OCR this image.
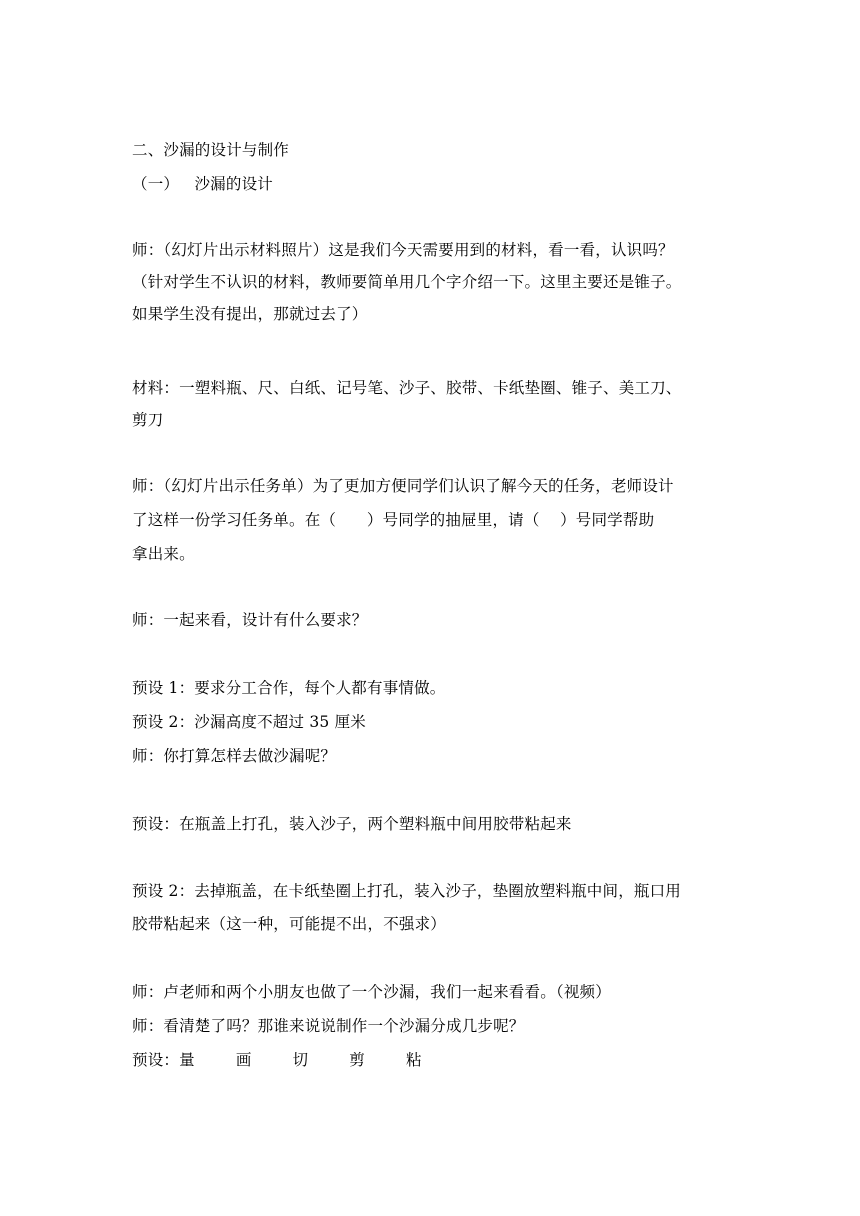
二、沙漏的设计与制作
（一）   沙漏的设计
师：（幻灯片出示材料照片）这是我们今天需要用到的材料，看一看，认识吗？
（针对学生不认识的材料，教师要简单用几个字介绍一下。这里主要还是锥子。
如果学生没有提出，那就过去了）
材料：一塑料瓶、尺、白纸、记号笔、沙子、胶带、卡纸垫圈、锥子、美工刀、
剪刀
师：（幻灯片出示任务单）为了更加方便同学们认识了解今天的任务，老师设计
了这样一份学习任务单。在（      ）号同学的抽屉里，请（    ）号同学帮助
拿出来。
师：一起来看，设计有什么要求？
预设 1：要求分工合作，每个人都有事情做。
预设 2：沙漏高度不超过 35 厘米
师：你打算怎样去做沙漏呢？
预设：在瓶盖上打孔，装入沙子，两个塑料瓶中间用胶带粘起来
预设 2：去掉瓶盖，在卡纸垫圈上打孔，装入沙子，垫圈放塑料瓶中间，瓶口用
胶带粘起来（这一种，可能提不出，不强求）
师：卢老师和两个小朋友也做了一个沙漏，我们一起来看看。（视频）
师：看清楚了吗？那谁来说说制作一个沙漏分成几步呢？
预设：量        画        切        剪        粘
